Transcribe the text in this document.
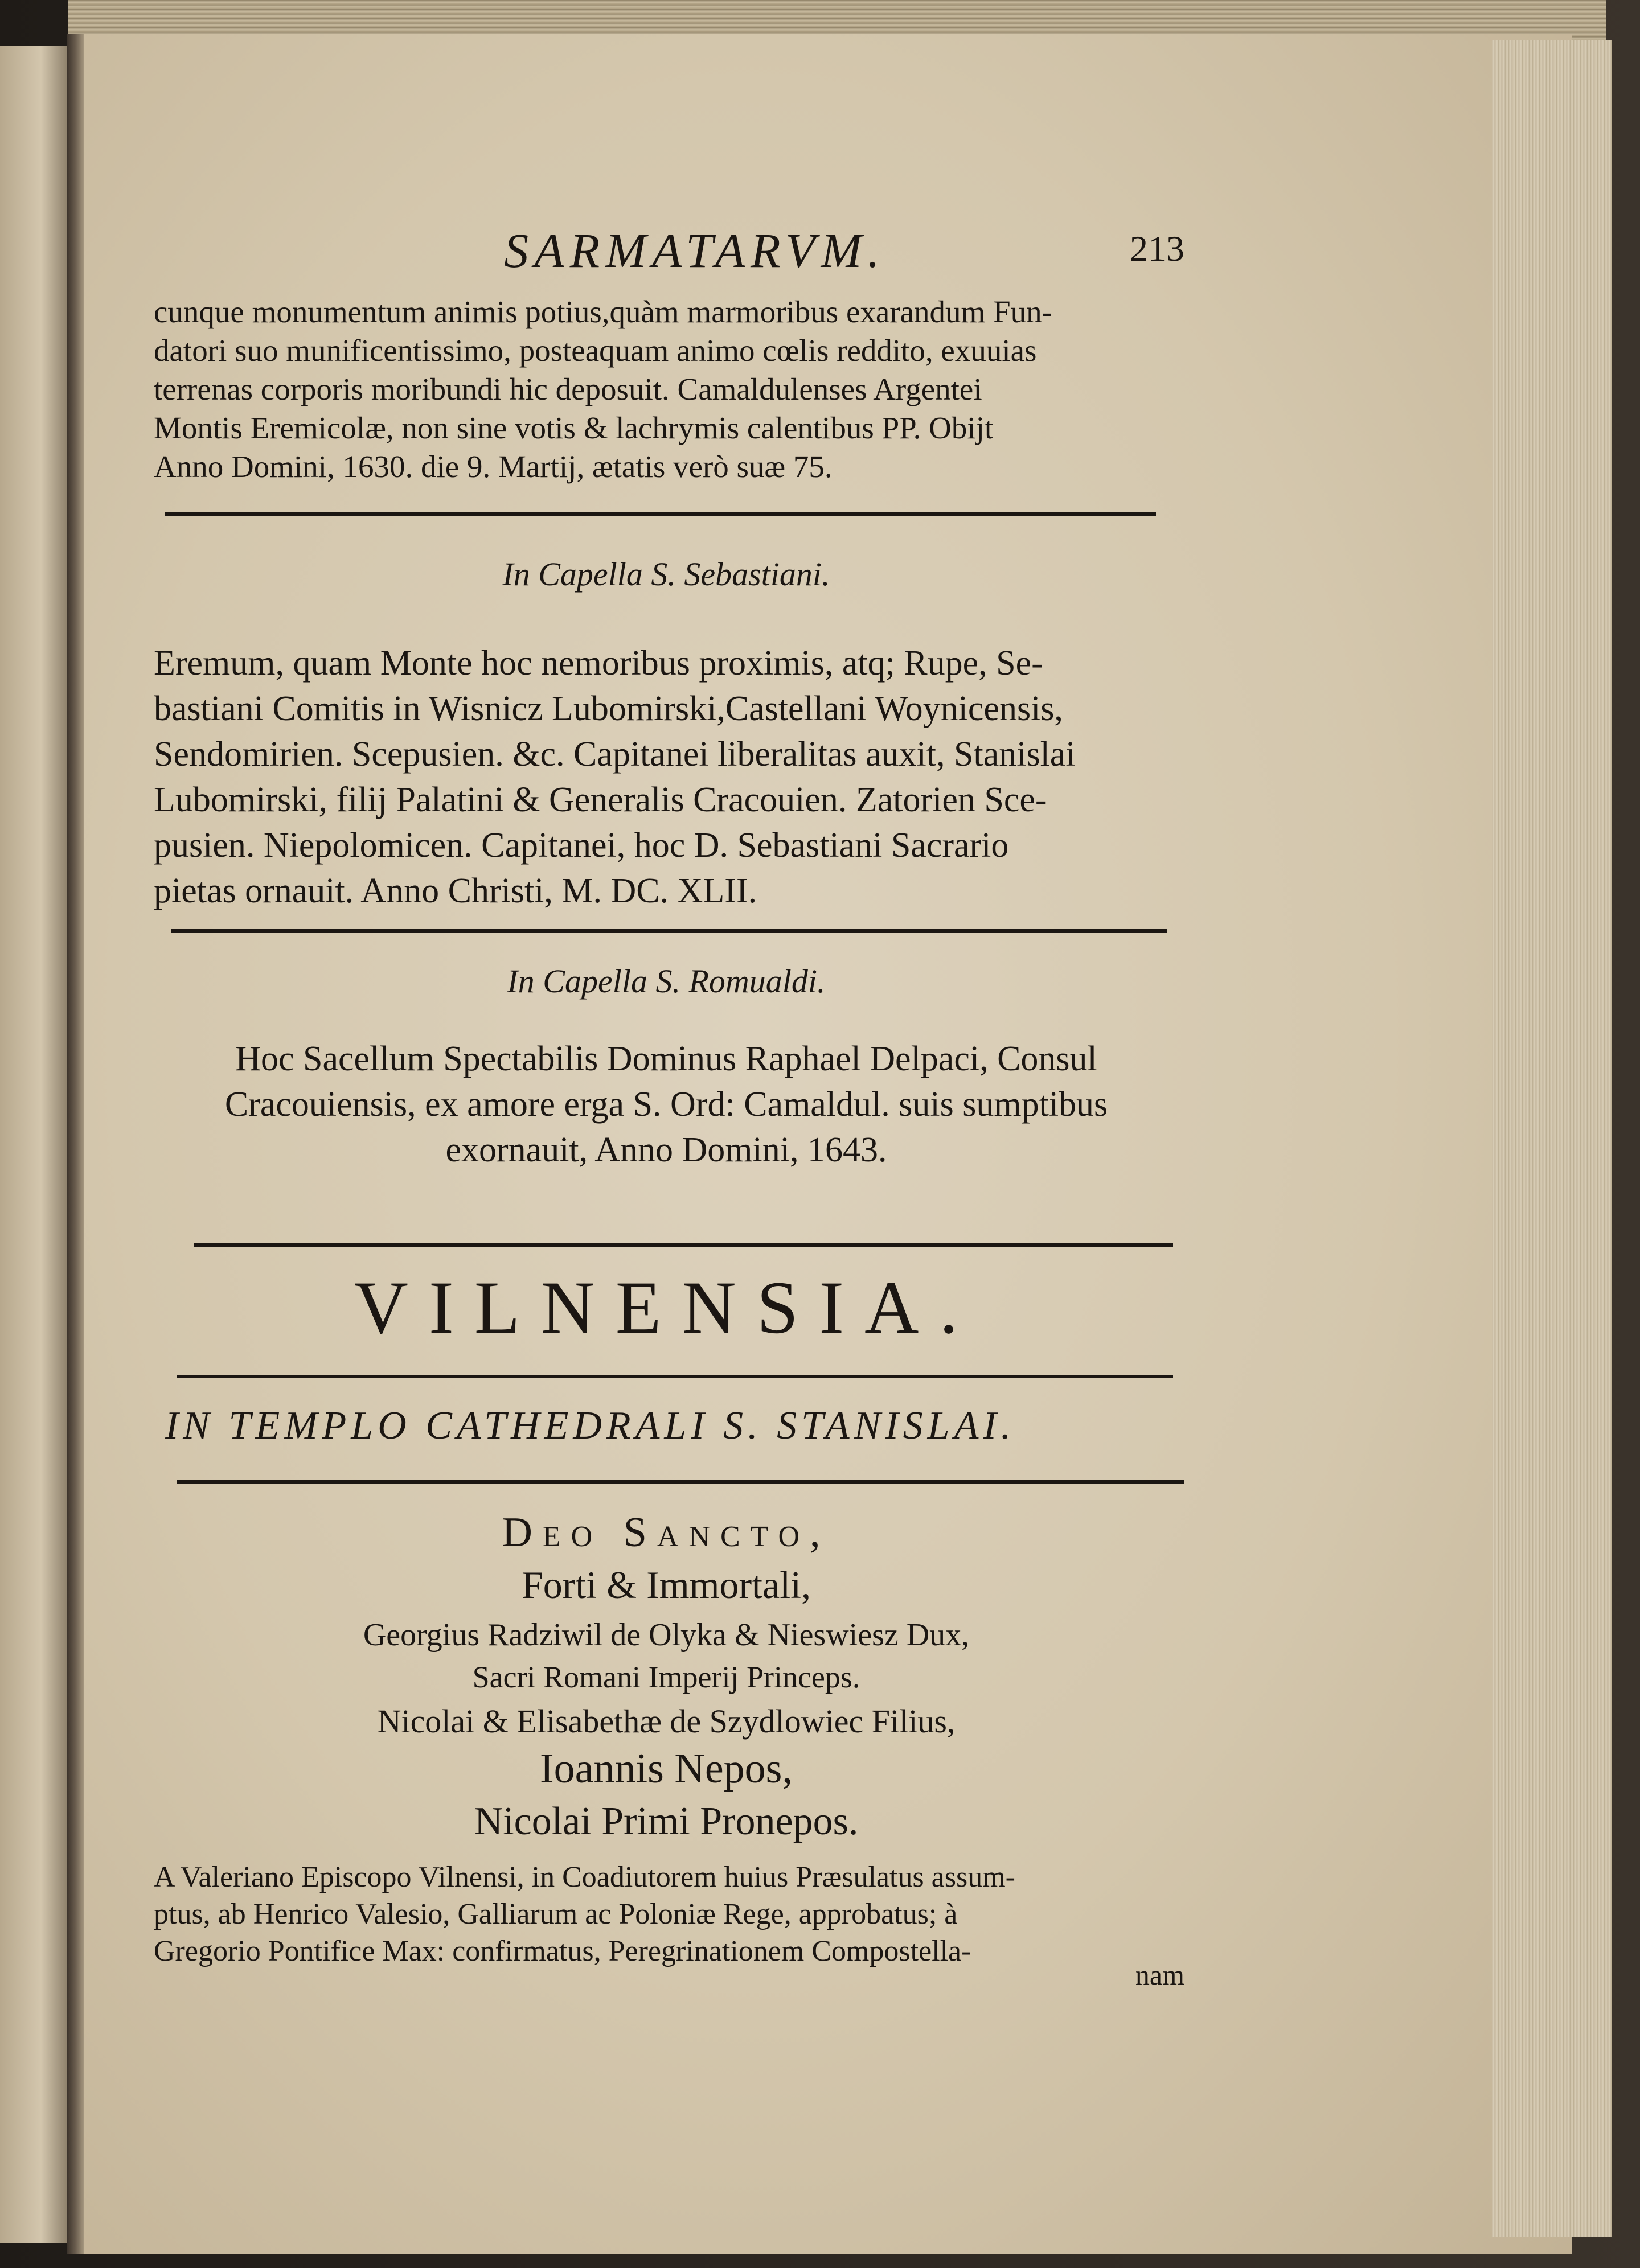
SARMATARVM.	213
cunque monumentum animis potius,quàm marmoribus exarandum Fun-
datori suo munificentissimo, posteaquam animo cœlis reddito, exuuias
terrenas corporis moribundi hic deposuit. Camaldulenses Argentei
Montis Eremicolæ, non sine votis & lachrymis calentibus PP. Obijt
Anno Domini, 1630. die 9. Martij, ætatis verò suæ 75.
In Capella S. Sebastiani.
Eremum, quam Monte hoc nemoribus proximis, atq; Rupe, Se-
bastiani Comitis in Wisnicz Lubomirski,Castellani Woynicensis,
Sendomirien. Scepusien. &c. Capitanei liberalitas auxit, Stanislai
Lubomirski, filij Palatini & Generalis Cracouien. Zatorien Sce-
pusien. Niepolomicen. Capitanei, hoc D. Sebastiani Sacrario
pietas ornauit. Anno Christi, M. DC. XLII.
In Capella S. Romualdi.
Hoc Sacellum Spectabilis Dominus Raphael Delpaci, Consul
Cracouiensis, ex amore erga S. Ord: Camaldul. suis sumptibus
exornauit, Anno Domini, 1643.
VILNENSIA.
IN TEMPLO CATHEDRALI S. STANISLAI.
Deo Sancto,
Forti & Immortali,
Georgius Radziwil de Olyka & Niesw​iesz Dux,
Sacri Romani Imperij Princeps.
Nicolai & Elisabethæ de Szydlowiec Filius,
Ioannis Nepos,
Nicolai Primi Pronepos.
A Valeriano Episcopo Vilnensi, in Coadiutorem huius Præsulatus assum-
ptus, ab Henrico Valesio, Galliarum ac Poloniæ Rege, approbatus; à
Gregorio Pontifice Max: confirmatus, Peregrinationem Compostella-
nam
